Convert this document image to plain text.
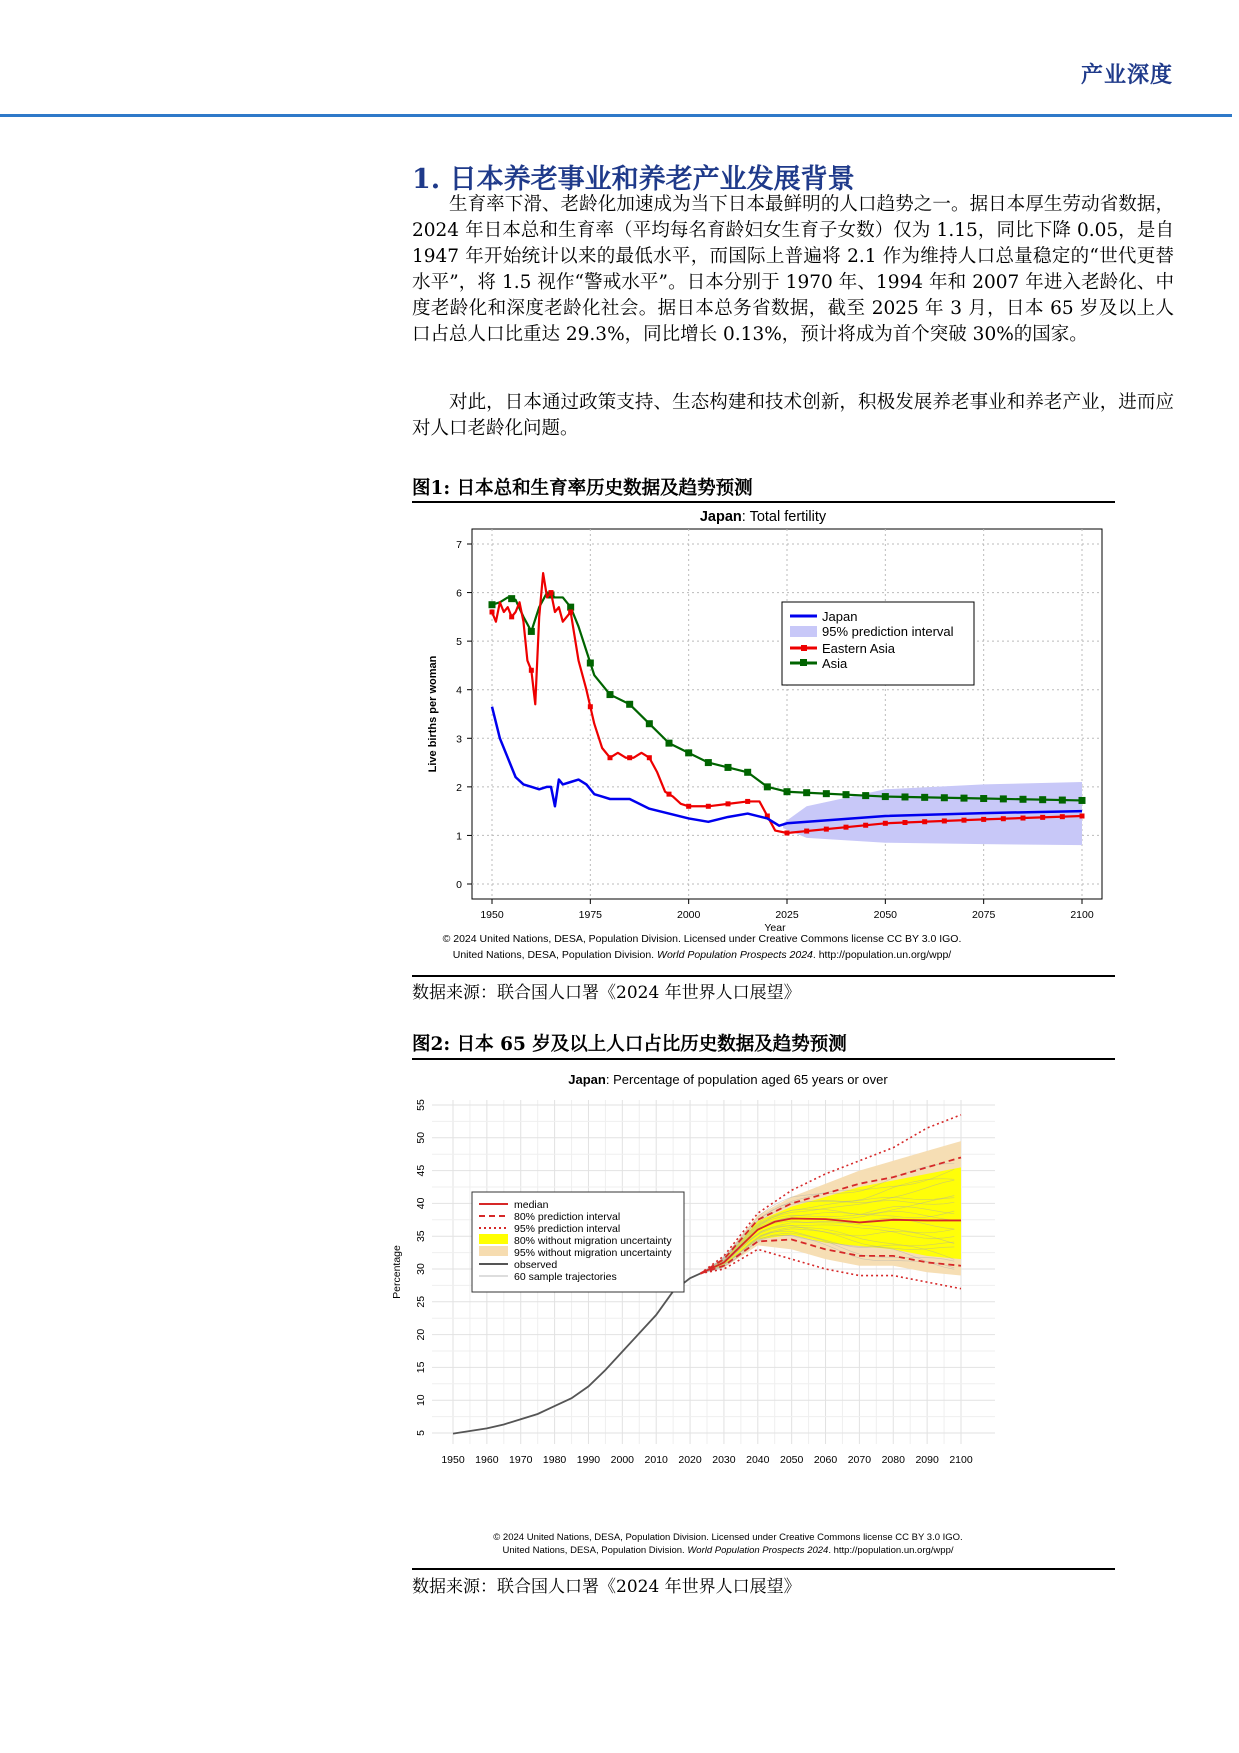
产业深度
1. 日本养老事业和养老产业发展背景
生育率下滑、老龄化加速成为当下日本最鲜明的人口趋势之一。据日本厚生劳动省数据，2024 年日本总和生育率（平均每名育龄妇女生育子女数）仅为 1.15，同比下降 0.05，是自 1947 年开始统计以来的最低水平，而国际上普遍将 2.1 作为维持人口总量稳定的“世代更替水平”，将 1.5 视作“警戒水平”。日本分别于 1970 年、1994 年和 2007 年进入老龄化、中度老龄化和深度老龄化社会。据日本总务省数据，截至 2025 年 3 月，日本 65 岁及以上人口占总人口比重达 29.3%，同比增长 0.13%，预计将成为首个突破 30%的国家。
对此，日本通过政策支持、生态构建和技术创新，积极发展养老事业和养老产业，进而应对人口老龄化问题。
图1: 日本总和生育率历史数据及趋势预测
Japan: Total fertility
1950	1975	2000	2025	2050	2075	2100
0
1
2
3
4
5
6
7
Year
Live births per woman
Japan
95% prediction interval
Eastern Asia
Asia
© 2024 United Nations, DESA, Population Division. Licensed under Creative Commons license CC BY 3.0 IGO.
United Nations, DESA, Population Division. World Population Prospects 2024. http://population.un.org/wpp/
数据来源：联合国人口署《2024 年世界人口展望》
图2: 日本 65 岁及以上人口占比历史数据及趋势预测
Japan: Percentage of population aged 65 years or over
1950 1960 1970 1980 1990 2000 2010 2020 2030 2040 2050 2060 2070 2080 2090 2100
5
10
15
20
25
30
35
40
45
50
55
Percentage
median
80% prediction interval
95% prediction interval
80% without migration uncertainty
95% without migration uncertainty
observed
60 sample trajectories
© 2024 United Nations, DESA, Population Division. Licensed under Creative Commons license CC BY 3.0 IGO.
United Nations, DESA, Population Division. World Population Prospects 2024. http://population.un.org/wpp/
数据来源：联合国人口署《2024 年世界人口展望》
